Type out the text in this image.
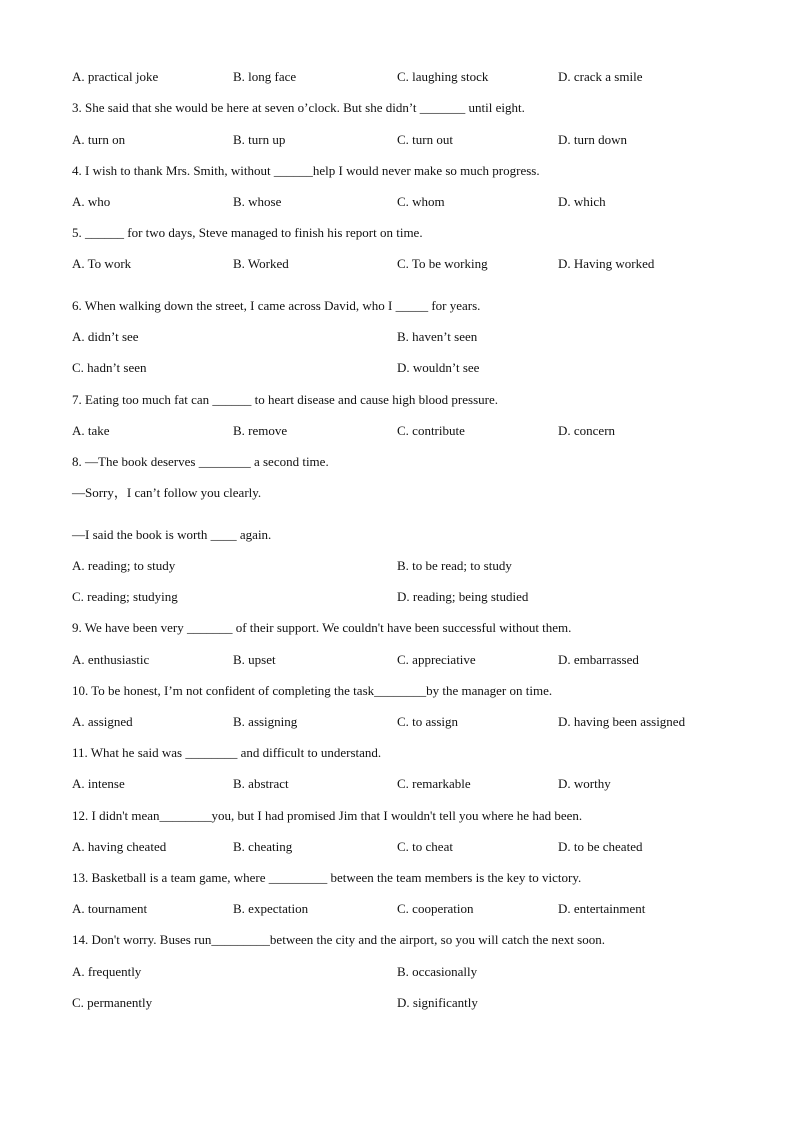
A. practical joke	B. long face	C. laughing stock	D. crack a smile
3. She said that she would be here at seven o’clock. But she didn’t _______ until eight.
A. turn on	B. turn up	C. turn out	D. turn down
4. I wish to thank Mrs. Smith, without ______help I would never make so much progress.
A. who	B. whose	C. whom	D. which
5. ______ for two days, Steve managed to finish his report on time.
A. To work	B. Worked	C. To be working	D. Having worked
6. When walking down the street, I came across David, who I _____ for years.
A. didn’t see	B. haven’t seen
C. hadn’t seen	D. wouldn’t see
7. Eating too much fat can ______ to heart disease and cause high blood pressure.
A. take	B. remove	C. contribute	D. concern
8. —The book deserves ________ a second time.
—Sorry，I can’t follow you clearly.
—I said the book is worth ____ again.
A. reading; to study	B. to be read; to study
C. reading; studying	D. reading; being studied
9. We have been very _______ of their support. We couldn't have been successful without them.
A. enthusiastic	B. upset	C. appreciative	D. embarrassed
10. To be honest, I’m not confident of completing the task________by the manager on time.
A. assigned	B. assigning	C. to assign	D. having been assigned
11. What he said was ________ and difficult to understand.
A. intense	B. abstract	C. remarkable	D. worthy
12. I didn't mean________you, but I had promised Jim that I wouldn't tell you where he had been.
A. having cheated	B. cheating	C. to cheat	D. to be cheated
13. Basketball is a team game, where _________ between the team members is the key to victory.
A. tournament	B. expectation	C. cooperation	D. entertainment
14. Don't worry. Buses run_________between the city and the airport, so you will catch the next soon.
A. frequently	B. occasionally
C. permanently	D. significantly
